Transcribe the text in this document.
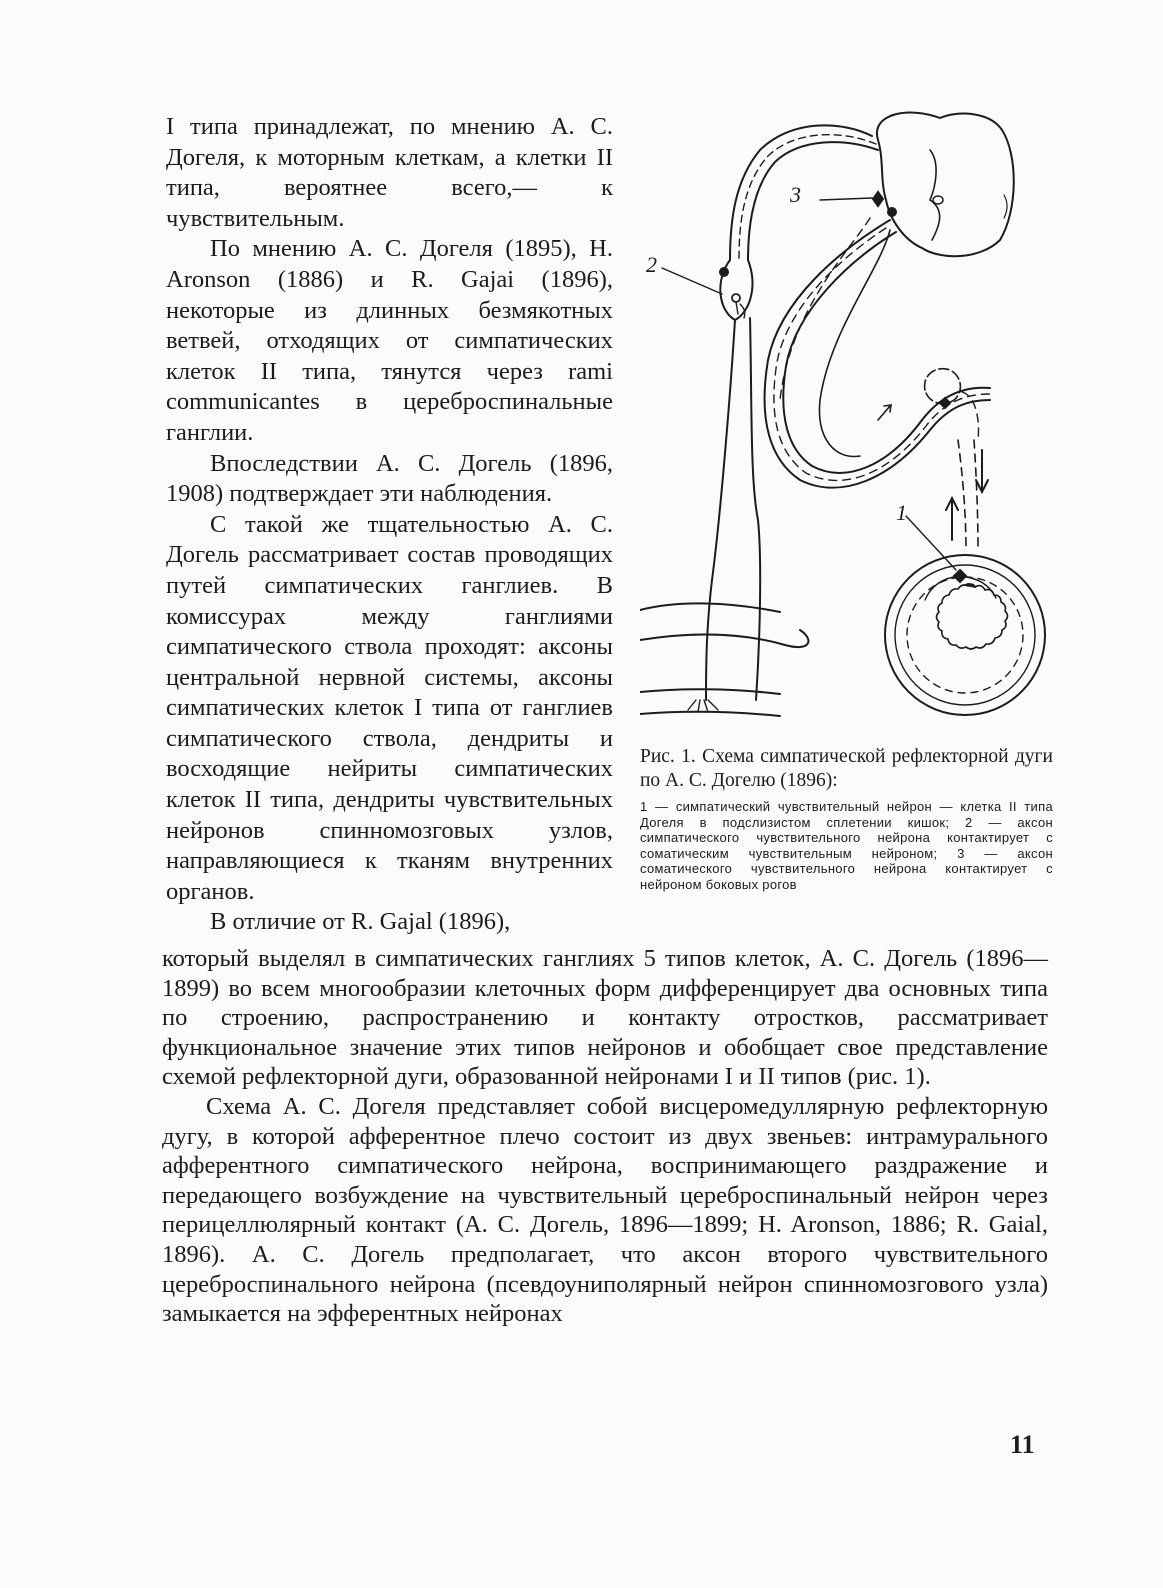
I типа принадлежат, по мнению А. С. Догеля, к моторным клеткам, а клетки II типа, вероятнее всего,— к чувствительным.

По мнению А. С. Догеля (1895), H. Aronson (1886) и R. Gajai (1896), некоторые из длинных безмякотных ветвей, отходящих от симпатических клеток II типа, тянутся через rami communicantes в цереброспинальные ганглии.

Впоследствии А. С. Догель (1896, 1908) подтверждает эти наблюдения.

С такой же тщательностью А. С. Догель рассматривает состав проводящих путей симпатических ганглиев. В комиссурах между ганглиями симпатического ствола проходят: аксоны центральной нервной системы, аксоны симпатических клеток I типа от ганглиев симпатического ствола, дендриты и восходящие нейриты симпатических клеток II типа, дендриты чувствительных нейронов спинномозговых узлов, направляющиеся к тканям внутренних органов.

В отличие от R. Gajal (1896),

3
2
1

Рис. 1. Схема симпатической рефлекторной дуги по А. С. Догелю (1896):

1 — симпатический чувствительный нейрон — клетка II типа Догеля в подслизистом сплетении кишок; 2 — аксон симпатического чувствительного нейрона контактирует с соматическим чувствительным нейроном; 3 — аксон соматического чувствительного нейрона контактирует с нейроном боковых рогов

который выделял в симпатических ганглиях 5 типов клеток, А. С. Догель (1896—1899) во всем многообразии клеточных форм дифференцирует два основных типа по строению, распространению и контакту отростков, рассматривает функциональное значение этих типов нейронов и обобщает свое представление схемой рефлекторной дуги, образованной нейронами I и II типов (рис. 1).

Схема А. С. Догеля представляет собой висцеромедуллярную рефлекторную дугу, в которой афферентное плечо состоит из двух звеньев: интрамурального афферентного симпатического нейрона, воспринимающего раздражение и передающего возбуждение на чувствительный цереброспинальный нейрон через перицеллюлярный контакт (А. С. Догель, 1896—1899; H. Aronson, 1886; R. Gaial, 1896). А. С. Догель предполагает, что аксон второго чувствительного цереброспинального нейрона (псевдоуниполярный нейрон спинномозгового узла) замыкается на эфферентных нейронах

11
